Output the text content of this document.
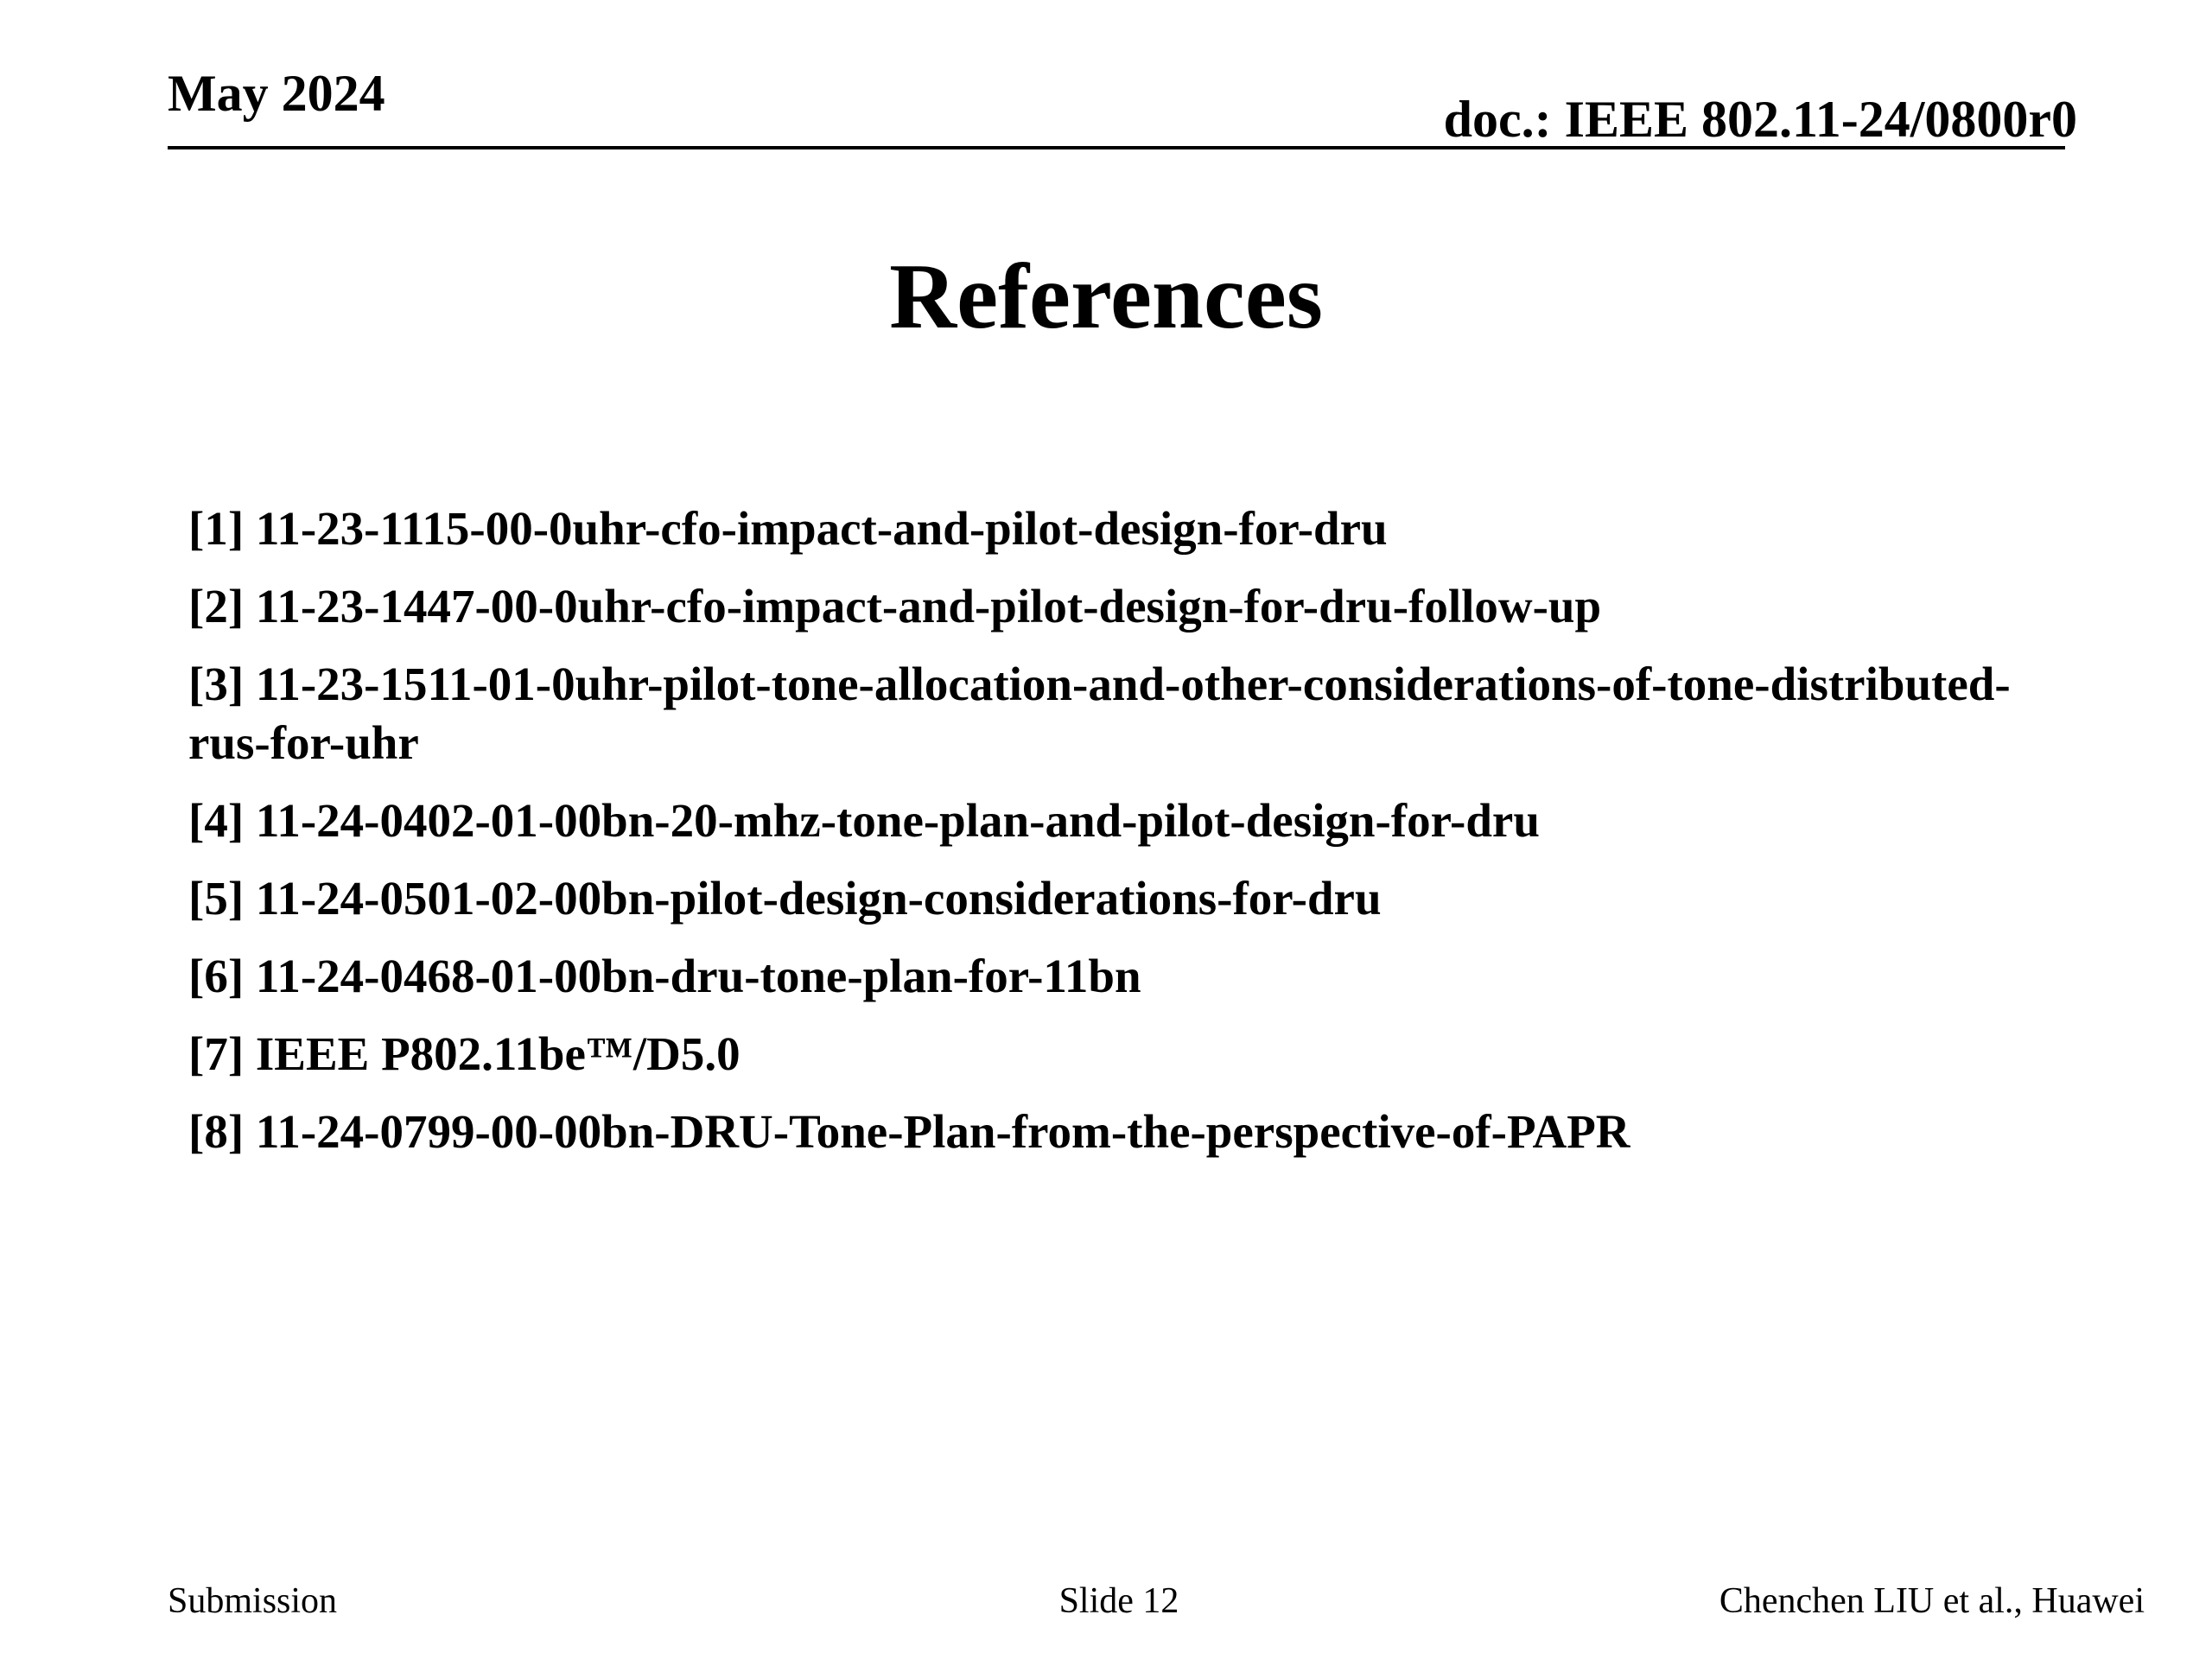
May 2024	doc.: IEEE 802.11-24/0800r0
References
[1] 11-23-1115-00-0uhr-cfo-impact-and-pilot-design-for-dru
[2] 11-23-1447-00-0uhr-cfo-impact-and-pilot-design-for-dru-follow-up
[3] 11-23-1511-01-0uhr-pilot-tone-allocation-and-other-considerations-of-tone-distributed-rus-for-uhr
[4] 11-24-0402-01-00bn-20-mhz-tone-plan-and-pilot-design-for-dru
[5] 11-24-0501-02-00bn-pilot-design-considerations-for-dru
[6] 11-24-0468-01-00bn-dru-tone-plan-for-11bn
[7] IEEE P802.11be™/D5.0
[8] 11-24-0799-00-00bn-DRU-Tone-Plan-from-the-perspective-of-PAPR
Submission	Slide 12	Chenchen LIU et al., Huawei
